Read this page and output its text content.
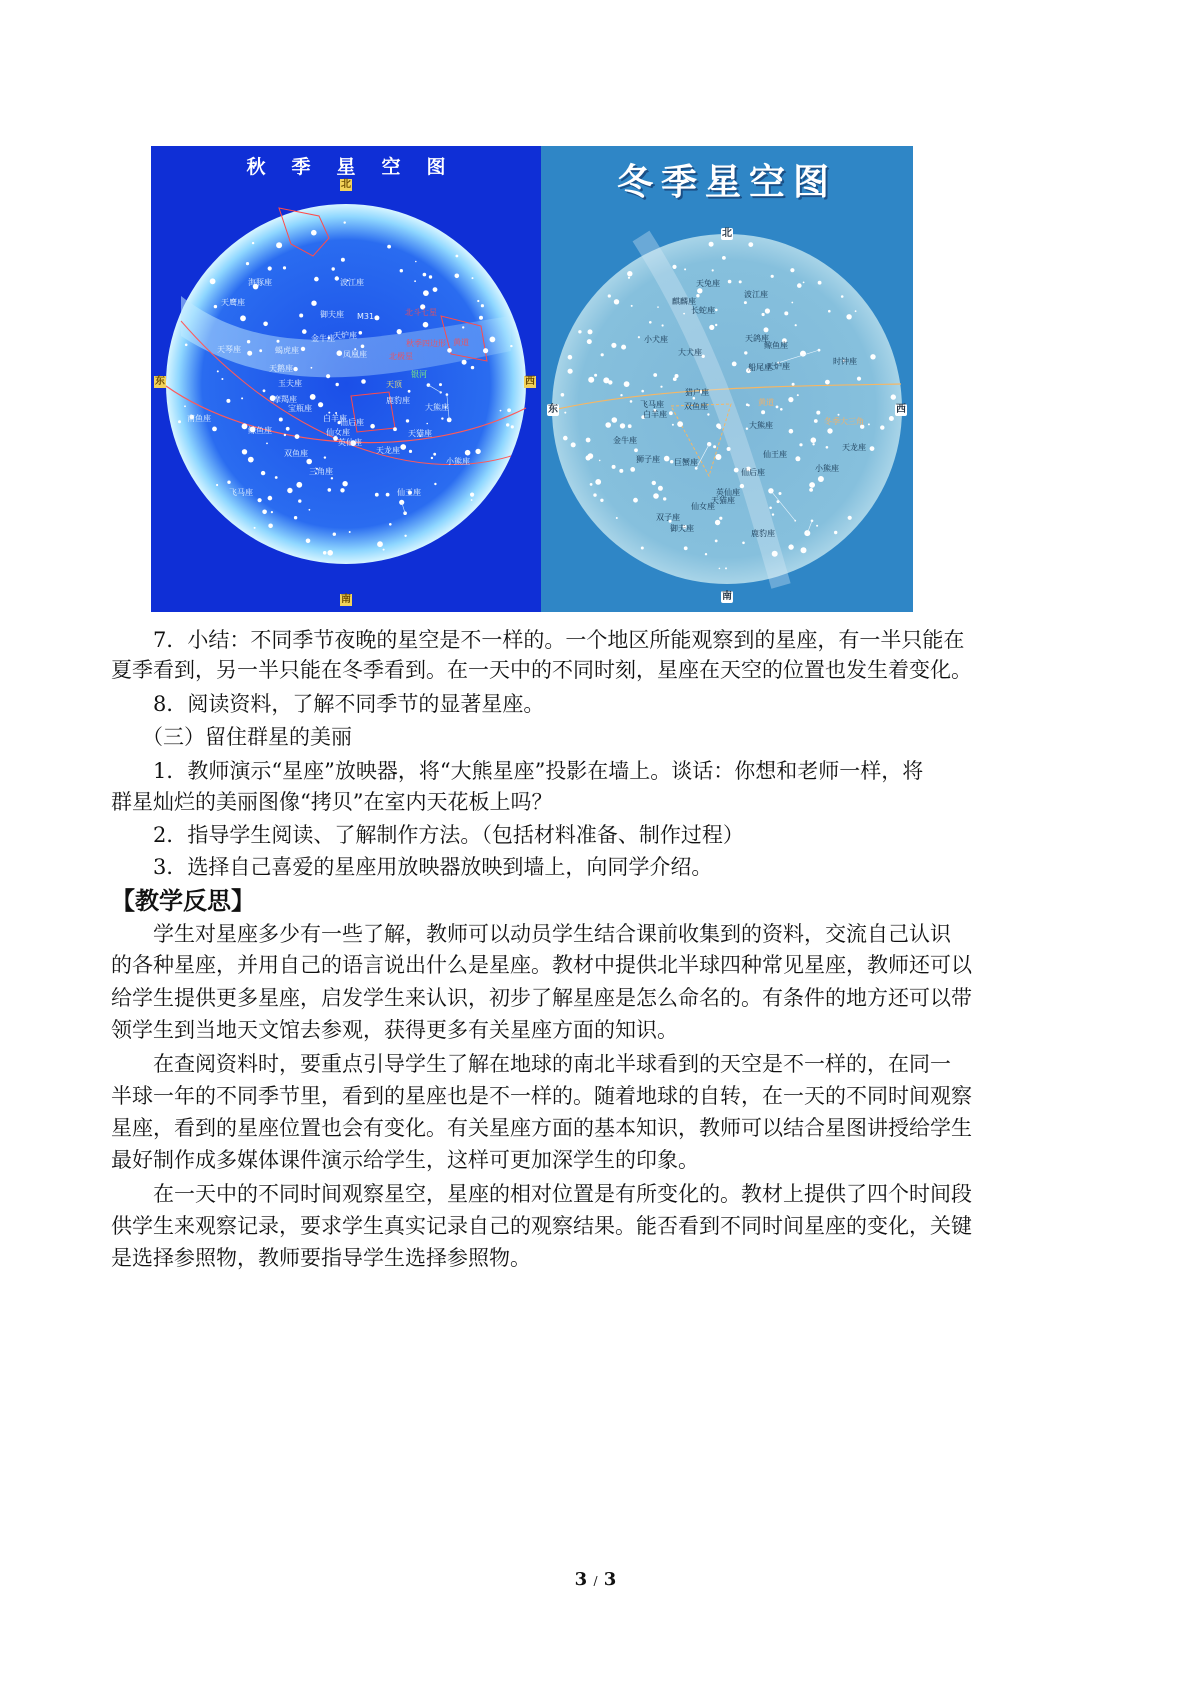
秋季星空图
北
南
东	西
大熊座
鹿豹座
天猫座
小熊座
天龙座
仙王座
仙后座
英仙座
仙女座
三角座
白羊座
飞马座
双鱼座
宝瓶座
鲸鱼座
摩羯座
南鱼座
玉夫座
天鹅座
天琴座	蝎虎座
天鹰座
海豚座
金牛座
御夫座
波江座
天炉座
凤凰座
M31	北斗七星
北极星
秋季四边形 黄道
银河
天顶
冬季星空图
北
南
东	西
天龙座
大熊座
小熊座
仙王座
仙后座
鹿豹座
天猫座
英仙座
仙女座
御夫座
双子座
巨蟹座
狮子座
金牛座
白羊座
双鱼座
飞马座
猎户座
小犬座
大犬座
麒麟座
长蛇座
天兔座
波江座
天鸽座
船尾座
鲸鱼座
天炉座
时钟座
黄道
冬季大三角

7．小结：不同季节夜晚的星空是不一样的。一个地区所能观察到的星座，有一半只能在

夏季看到，另一半只能在冬季看到。在一天中的不同时刻，星座在天空的位置也发生着变化。

8．阅读资料，了解不同季节的显著星座。

（三）留住群星的美丽

1．教师演示“星座”放映器，将“大熊星座”投影在墙上。谈话：你想和老师一样，将

群星灿烂的美丽图像“拷贝”在室内天花板上吗？

2．指导学生阅读、了解制作方法。（包括材料准备、制作过程）

3．选择自己喜爱的星座用放映器放映到墙上，向同学介绍。

【教学反思】

学生对星座多少有一些了解，教师可以动员学生结合课前收集到的资料，交流自己认识

的各种星座，并用自己的语言说出什么是星座。教材中提供北半球四种常见星座，教师还可以

给学生提供更多星座，启发学生来认识，初步了解星座是怎么命名的。有条件的地方还可以带

领学生到当地天文馆去参观，获得更多有关星座方面的知识。

在查阅资料时，要重点引导学生了解在地球的南北半球看到的天空是不一样的，在同一

半球一年的不同季节里，看到的星座也是不一样的。随着地球的自转，在一天的不同时间观察

星座，看到的星座位置也会有变化。有关星座方面的基本知识，教师可以结合星图讲授给学生

最好制作成多媒体课件演示给学生，这样可更加深学生的印象。

在一天中的不同时间观察星空，星座的相对位置是有所变化的。教材上提供了四个时间段

供学生来观察记录，要求学生真实记录自己的观察结果。能否看到不同时间星座的变化，关键

是选择参照物，教师要指导学生选择参照物。

3 / 3
